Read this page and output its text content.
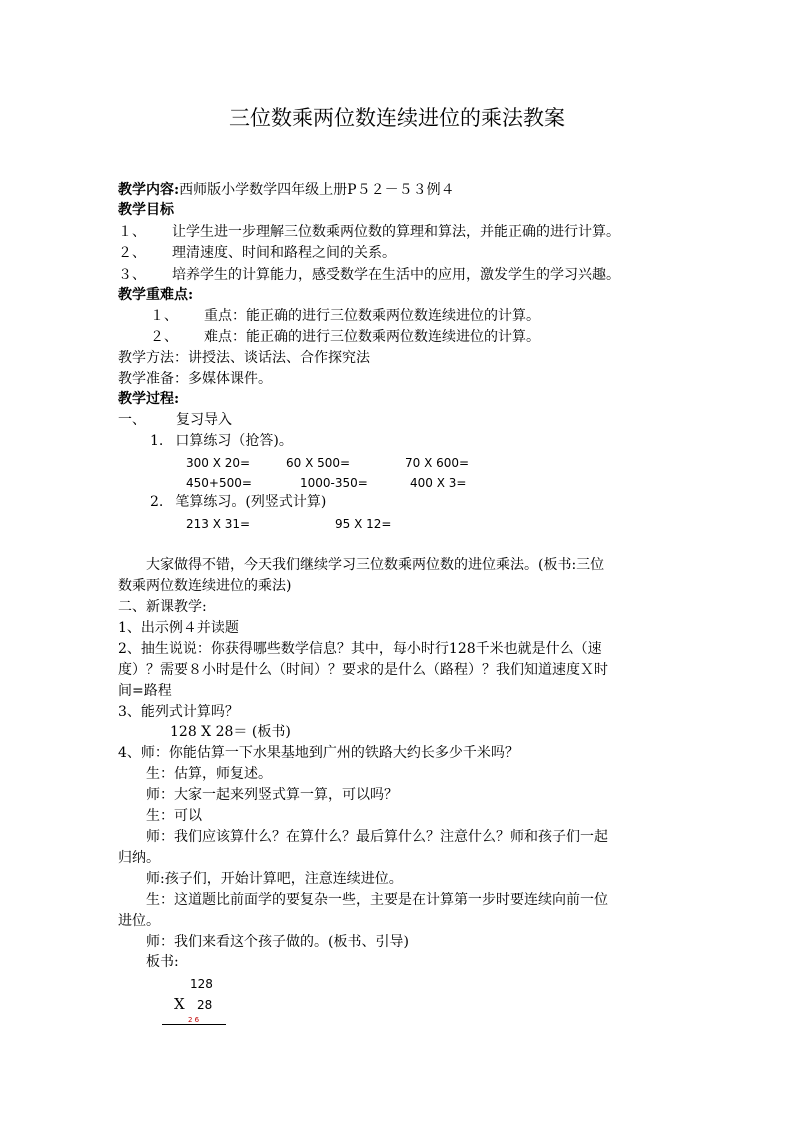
三位数乘两位数连续进位的乘法教案
教学内容:西师版小学数学四年级上册P５２－５３例４
教学目标
１、 让学生进一步理解三位数乘两位数的算理和算法，并能正确的进行计算。
２、 理清速度、时间和路程之间的关系。
３、 培养学生的计算能力，感受数学在生活中的应用，激发学生的学习兴趣。
教学重难点:
１、 重点：能正确的进行三位数乘两位数连续进位的计算。
２、 难点：能正确的进行三位数乘两位数连续进位的计算。
教学方法：讲授法、谈话法、合作探究法
教学准备：多媒体课件。
教学过程:
一、 复习导入
1. 口算练习（抢答)。
300 X 20=	60 X 500=	70 X 600=
450+500=	1000-350=	400 X 3=
2. 笔算练习。(列竖式计算)
213 X 31=	95 X 12=
大家做得不错，今天我们继续学习三位数乘两位数的进位乘法。(板书:三位
数乘两位数连续进位的乘法)
二、新课教学:
1、出示例４并读题
2、抽生说说：你获得哪些数学信息？其中，每小时行128千米也就是什么（速
度）？需要８小时是什么（时间）？要求的是什么（路程）？我们知道速度Ｘ时
间=路程
3、能列式计算吗？
128 X 28＝ (板书)
4、师：你能估算一下水果基地到广州的铁路大约长多少千米吗？
生：估算，师复述。
师：大家一起来列竖式算一算，可以吗？
生：可以
师：我们应该算什么？在算什么？最后算什么？注意什么？师和孩子们一起
归纳。
师:孩子们，开始计算吧，注意连续进位。
生：这道题比前面学的要复杂一些，主要是在计算第一步时要连续向前一位
进位。
师：我们来看这个孩子做的。(板书、引导)
板书:
128
X 28
2 6
